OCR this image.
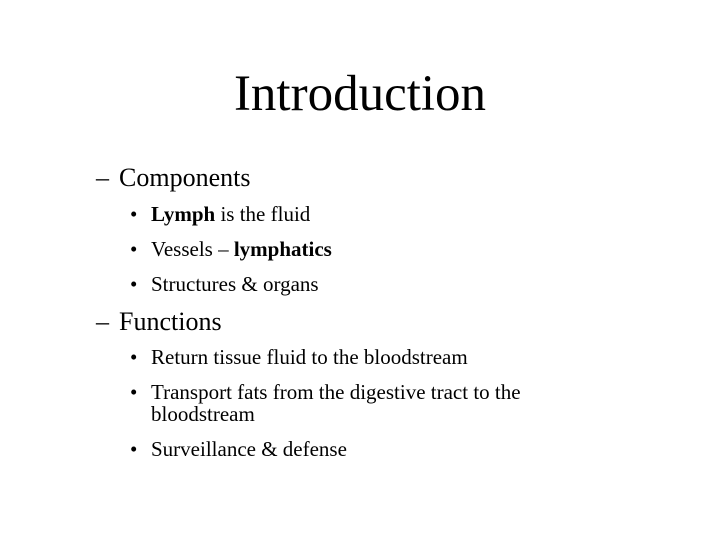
Introduction
– Components
• Lymph is the fluid
• Vessels – lymphatics
• Structures & organs
– Functions
• Return tissue fluid to the bloodstream
• Transport fats from the digestive tract to the bloodstream
• Surveillance & defense
